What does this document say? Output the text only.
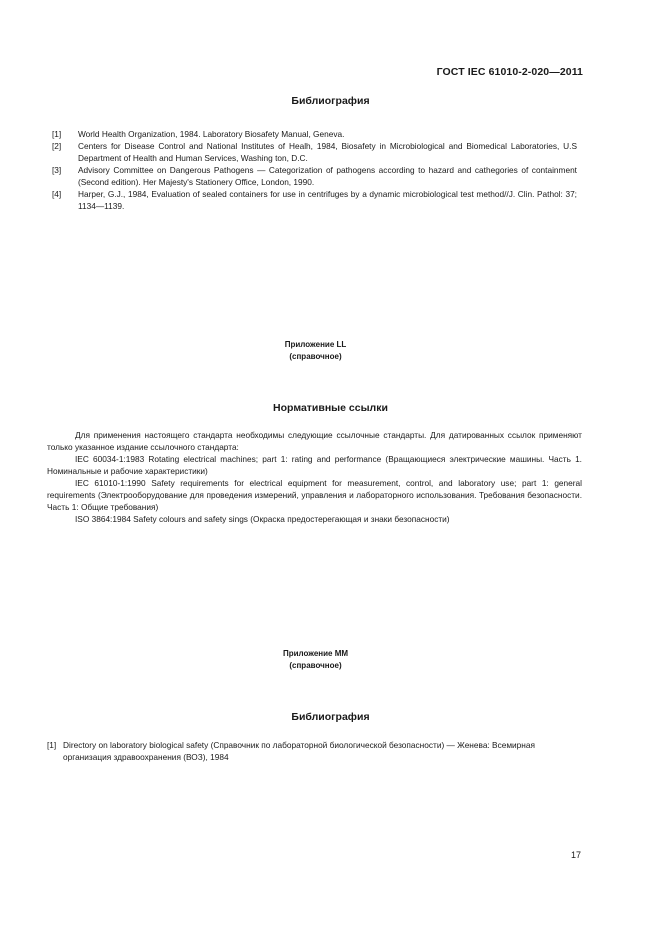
ГОСТ IEC 61010-2-020—2011
Библиография
[1]	World Health Organization, 1984. Laboratory Biosafety Manual, Geneva.
[2]	Centers for Disease Control and National Institutes of Healh, 1984, Biosafety in Microbiological and Biomedical Laboratories, U.S Department of Health and Human Services, Washing ton, D.C.
[3]	Advisory Committee on Dangerous Pathogens — Categorization of pathogens according to hazard and cathegories of containment (Second edition). Her Majesty's Stationery Office, London, 1990.
[4]	Harper, G.J., 1984, Evaluation of sealed containers for use in centrifuges by a dynamic microbiological test method//J. Clin. Pathol: 37; 1134—1139.
Приложение LL
(справочное)
Нормативные ссылки

Для применения настоящего стандарта необходимы следующие ссылочные стандарты. Для датированных ссылок применяют только указанное издание ссылочного стандарта:

IEC 60034-1:1983 Rotating electrical machines; part 1: rating and performance (Вращающиеся электрические машины. Часть 1. Номинальные и рабочие характеристики)

IEC 61010-1:1990 Safety requirements for electrical equipment for measurement, control, and laboratory use; part 1: general requirements (Электрооборудование для проведения измерений, управления и лабораторного использования. Требования безопасности. Часть 1: Общие требования)

ISO 3864:1984 Safety colours and safety sings (Окраска предостерегающая и знаки безопасности)

Приложение ММ
(справочное)
Библиография
[1] Directory on laboratory biological safety (Справочник по лабораторной биологической безопасности) — Женева: Всемирная организация здравоохранения (ВОЗ), 1984
17
